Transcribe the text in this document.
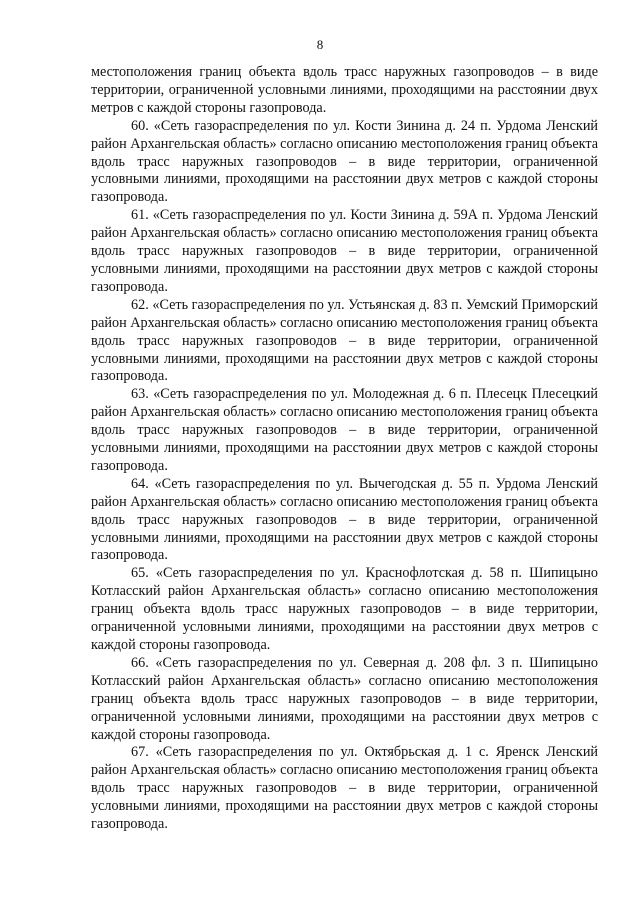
8

местоположения границ объекта вдоль трасс наружных газопроводов – в виде территории, ограниченной условными линиями, проходящими на расстоянии двух метров с каждой стороны газопровода.

60. «Сеть газораспределения по ул. Кости Зинина д. 24 п. Урдома Ленский район Архангельская область» согласно описанию местоположения границ объекта вдоль трасс наружных газопроводов – в виде территории, ограниченной условными линиями, проходящими на расстоянии двух метров с каждой стороны газопровода.

61. «Сеть газораспределения по ул. Кости Зинина д. 59А п. Урдома Ленский район Архангельская область» согласно описанию местоположения границ объекта вдоль трасс наружных газопроводов – в виде территории, ограниченной условными линиями, проходящими на расстоянии двух метров с каждой стороны газопровода.

62. «Сеть газораспределения по ул. Устьянская д. 83 п. Уемский Приморский район Архангельская область» согласно описанию местоположения границ объекта вдоль трасс наружных газопроводов – в виде территории, ограниченной условными линиями, проходящими на расстоянии двух метров с каждой стороны газопровода.

63. «Сеть газораспределения по ул. Молодежная д. 6 п. Плесецк Плесецкий район Архангельская область» согласно описанию местоположения границ объекта вдоль трасс наружных газопроводов – в виде территории, ограниченной условными линиями, проходящими на расстоянии двух метров с каждой стороны газопровода.

64. «Сеть газораспределения по ул. Вычегодская д. 55 п. Урдома Ленский район Архангельская область» согласно описанию местоположения границ объекта вдоль трасс наружных газопроводов – в виде территории, ограниченной условными линиями, проходящими на расстоянии двух метров с каждой стороны газопровода.

65. «Сеть газораспределения по ул. Краснофлотская д. 58 п. Шипицыно Котласский район Архангельская область» согласно описанию местоположения границ объекта вдоль трасс наружных газопроводов – в виде территории, ограниченной условными линиями, проходящими на расстоянии двух метров с каждой стороны газопровода.

66. «Сеть газораспределения по ул. Северная д. 208 фл. 3 п. Шипицыно Котласский район Архангельская область» согласно описанию местоположения границ объекта вдоль трасс наружных газопроводов – в виде территории, ограниченной условными линиями, проходящими на расстоянии двух метров с каждой стороны газопровода.

67. «Сеть газораспределения по ул. Октябрьская д. 1 с. Яренск Ленский район Архангельская область» согласно описанию местоположения границ объекта вдоль трасс наружных газопроводов – в виде территории, ограниченной условными линиями, проходящими на расстоянии двух метров с каждой стороны газопровода.
